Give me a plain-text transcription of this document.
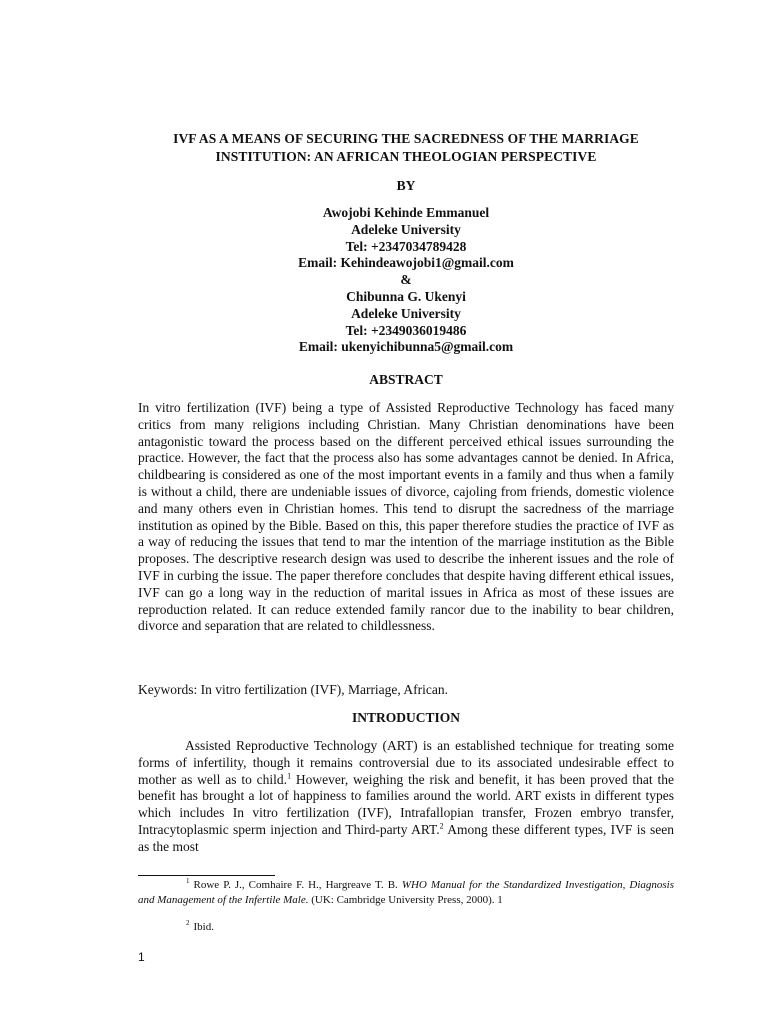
IVF AS A MEANS OF SECURING THE SACREDNESS OF THE MARRIAGE
INSTITUTION: AN AFRICAN THEOLOGIAN PERSPECTIVE
BY
Awojobi Kehinde Emmanuel
Adeleke University
Tel: +2347034789428
Email: Kehindeawojobi1@gmail.com
&
Chibunna G. Ukenyi
Adeleke University
Tel: +2349036019486
Email: ukenyichibunna5@gmail.com
ABSTRACT

In vitro fertilization (IVF) being a type of Assisted Reproductive Technology has faced many critics from many religions including Christian. Many Christian denominations have been antagonistic toward the process based on the different perceived ethical issues surrounding the practice. However, the fact that the process also has some advantages cannot be denied. In Africa, childbearing is considered as one of the most important events in a family and thus when a family is without a child, there are undeniable issues of divorce, cajoling from friends, domestic violence and many others even in Christian homes. This tend to disrupt the sacredness of the marriage institution as opined by the Bible. Based on this, this paper therefore studies the practice of IVF as a way of reducing the issues that tend to mar the intention of the marriage institution as the Bible proposes. The descriptive research design was used to describe the inherent issues and the role of IVF in curbing the issue. The paper therefore concludes that despite having different ethical issues, IVF can go a long way in the reduction of marital issues in Africa as most of these issues are reproduction related. It can reduce extended family rancor due to the inability to bear children, divorce and separation that are related to childlessness.

Keywords: In vitro fertilization (IVF), Marriage, African.

INTRODUCTION

Assisted Reproductive Technology (ART) is an established technique for treating some forms of infertility, though it remains controversial due to its associated undesirable effect to mother as well as to child.$^1$ However, weighing the risk and benefit, it has been proved that the benefit has brought a lot of happiness to families around the world. ART exists in different types which includes In vitro fertilization (IVF), Intrafallopian transfer, Frozen embryo transfer, Intracytoplasmic sperm injection and Third-party ART.$^2$ Among these different types, IVF is seen as the most

$^1$ Rowe P. J., Comhaire F. H., Hargreave T. B. WHO Manual for the Standardized Investigation, Diagnosis and Management of the Infertile Male. (UK: Cambridge University Press, 2000). 1

$^2$ Ibid.

1
